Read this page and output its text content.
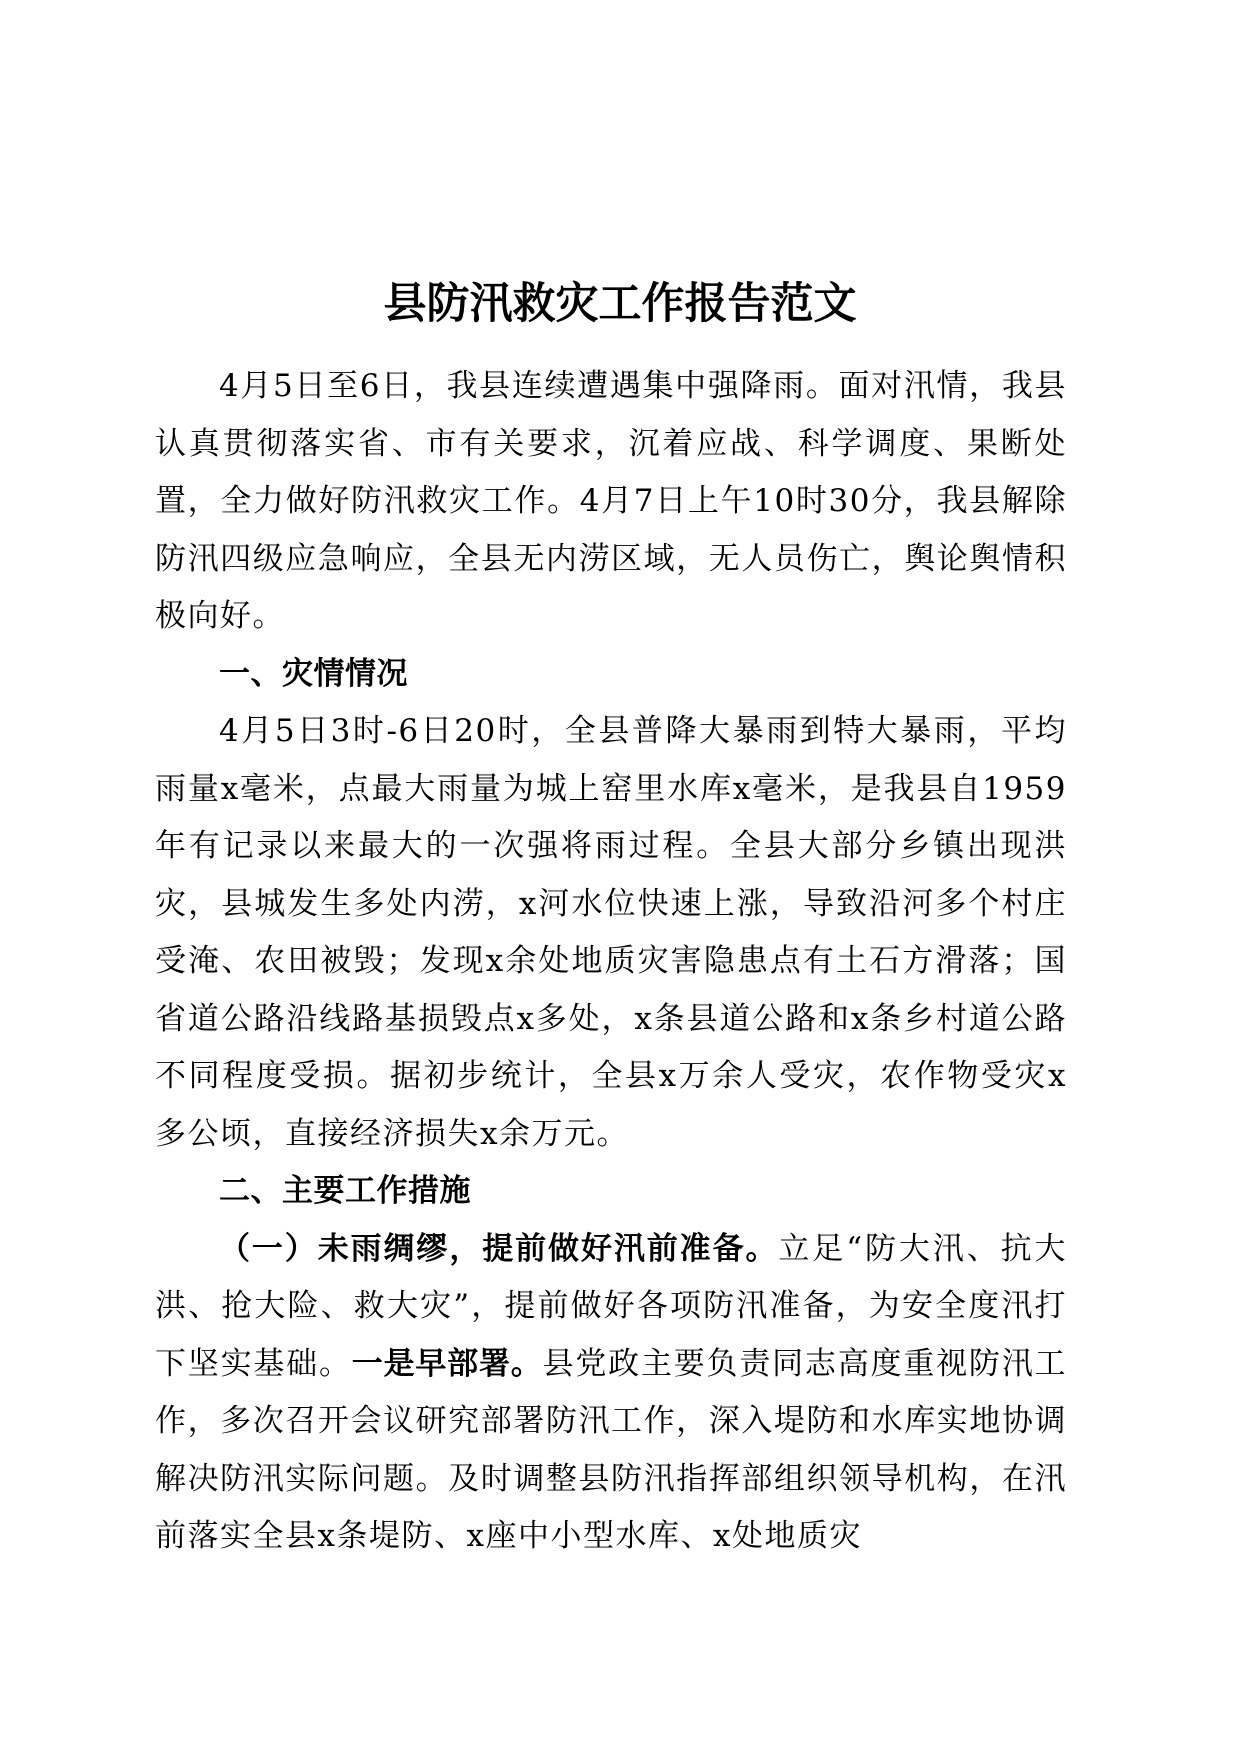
县防汛救灾工作报告范文

4月5日至6日，我县连续遭遇集中强降雨。面对汛情，我县认真贯彻落实省、市有关要求，沉着应战、科学调度、果断处置，全力做好防汛救灾工作。4月7日上午10时30分，我县解除防汛四级应急响应，全县无内涝区域，无人员伤亡，舆论舆情积极向好。

一、灾情情况

4月5日3时-6日20时，全县普降大暴雨到特大暴雨，平均雨量x毫米，点最大雨量为城上窑里水库x毫米，是我县自1959年有记录以来最大的一次强将雨过程。全县大部分乡镇出现洪灾，县城发生多处内涝，x河水位快速上涨，导致沿河多个村庄受淹、农田被毁；发现x余处地质灾害隐患点有土石方滑落；国省道公路沿线路基损毁点x多处，x条县道公路和x条乡村道公路不同程度受损。据初步统计，全县x万余人受灾，农作物受灾x多公顷，直接经济损失x余万元。

二、主要工作措施

（一）未雨绸缪，提前做好汛前准备。立足“防大汛、抗大洪、抢大险、救大灾”，提前做好各项防汛准备，为安全度汛打下坚实基础。一是早部署。县党政主要负责同志高度重视防汛工作，多次召开会议研究部署防汛工作，深入堤防和水库实地协调解决防汛实际问题。及时调整县防汛指挥部组织领导机构，在汛前落实全县x条堤防、x座中小型水库、x处地质灾
